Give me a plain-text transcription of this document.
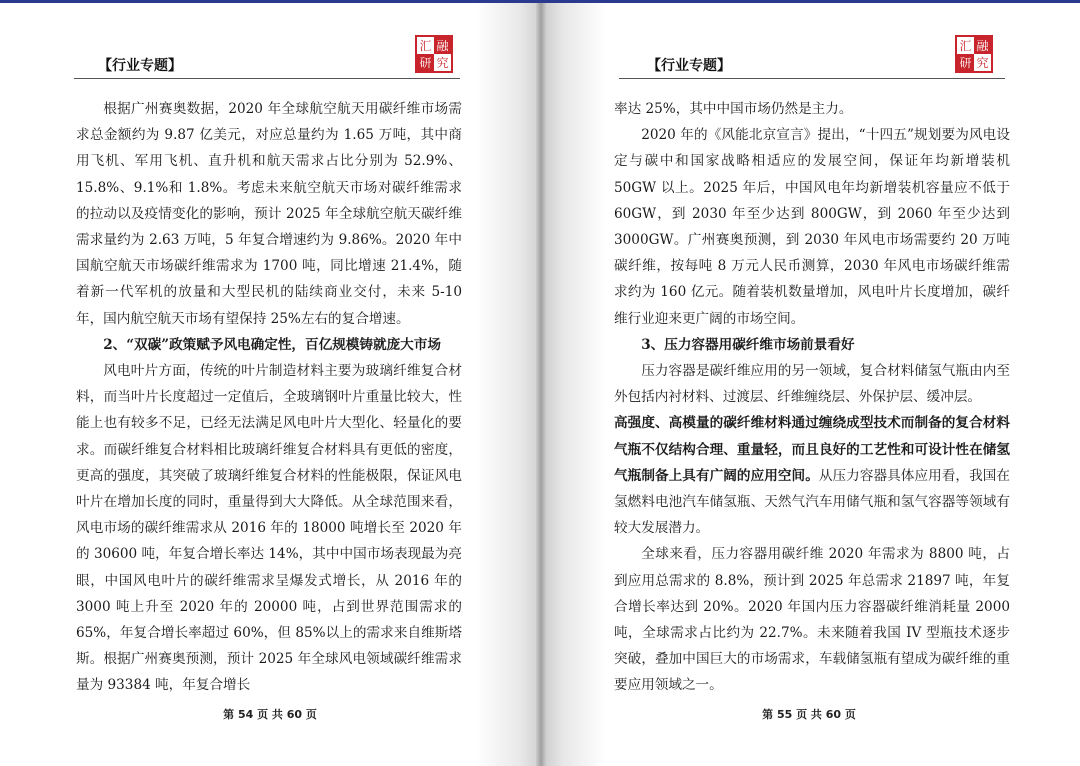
【行业专题】
汇 融
研 究

根据广州赛奥数据，2020 年全球航空航天用碳纤维市场需求总金额约为 9.87 亿美元，对应总量约为 1.65 万吨，其中商用飞机、军用飞机、直升机和航天需求占比分别为 52.9%、15.8%、9.1%和 1.8%。考虑未来航空航天市场对碳纤维需求的拉动以及疫情变化的影响，预计 2025 年全球航空航天碳纤维需求量约为 2.63 万吨，5 年复合增速约为 9.86%。2020 年中国航空航天市场碳纤维需求为 1700 吨，同比增速 21.4%，随着新一代军机的放量和大型民机的陆续商业交付，未来 5-10 年，国内航空航天市场有望保持 25%左右的复合增速。

2、“双碳”政策赋予风电确定性，百亿规模铸就庞大市场

风电叶片方面，传统的叶片制造材料主要为玻璃纤维复合材料，而当叶片长度超过一定值后，全玻璃钢叶片重量比较大，性能上也有较多不足，已经无法满足风电叶片大型化、轻量化的要求。而碳纤维复合材料相比玻璃纤维复合材料具有更低的密度，更高的强度，其突破了玻璃纤维复合材料的性能极限，保证风电叶片在增加长度的同时，重量得到大大降低。从全球范围来看，风电市场的碳纤维需求从 2016 年的 18000 吨增长至 2020 年的 30600 吨，年复合增长率达 14%，其中中国市场表现最为亮眼，中国风电叶片的碳纤维需求呈爆发式增长，从 2016 年的 3000 吨上升至 2020 年的 20000 吨，占到世界范围需求的 65%，年复合增长率超过 60%，但 85%以上的需求来自维斯塔斯。根据广州赛奥预测，预计 2025 年全球风电领域碳纤维需求量为 93384 吨，年复合增长

第 54 页 共 60 页
【行业专题】
汇 融
研 究

率达 25%，其中中国市场仍然是主力。

2020 年的《风能北京宣言》提出，“十四五”规划要为风电设定与碳中和国家战略相适应的发展空间，保证年均新增装机 50GW 以上。2025 年后，中国风电年均新增装机容量应不低于 60GW，到 2030 年至少达到 800GW，到 2060 年至少达到 3000GW。广州赛奥预测，到 2030 年风电市场需要约 20 万吨碳纤维，按每吨 8 万元人民币测算，2030 年风电市场碳纤维需求约为 160 亿元。随着装机数量增加，风电叶片长度增加，碳纤维行业迎来更广阔的市场空间。

3、压力容器用碳纤维市场前景看好

压力容器是碳纤维应用的另一领域，复合材料储氢气瓶由内至外包括内衬材料、过渡层、纤维缠绕层、外保护层、缓冲层。

高强度、高模量的碳纤维材料通过缠绕成型技术而制备的复合材料气瓶不仅结构合理、重量轻，而且良好的工艺性和可设计性在储氢气瓶制备上具有广阔的应用空间。从压力容器具体应用看，我国在氢燃料电池汽车储氢瓶、天然气汽车用储气瓶和氢气容器等领域有较大发展潜力。

全球来看，压力容器用碳纤维 2020 年需求为 8800 吨，占到应用总需求的 8.8%，预计到 2025 年总需求 21897 吨，年复合增长率达到 20%。2020 年国内压力容器碳纤维消耗量 2000 吨，全球需求占比约为 22.7%。未来随着我国 IV 型瓶技术逐步突破，叠加中国巨大的市场需求，车载储氢瓶有望成为碳纤维的重要应用领域之一。

第 55 页 共 60 页
